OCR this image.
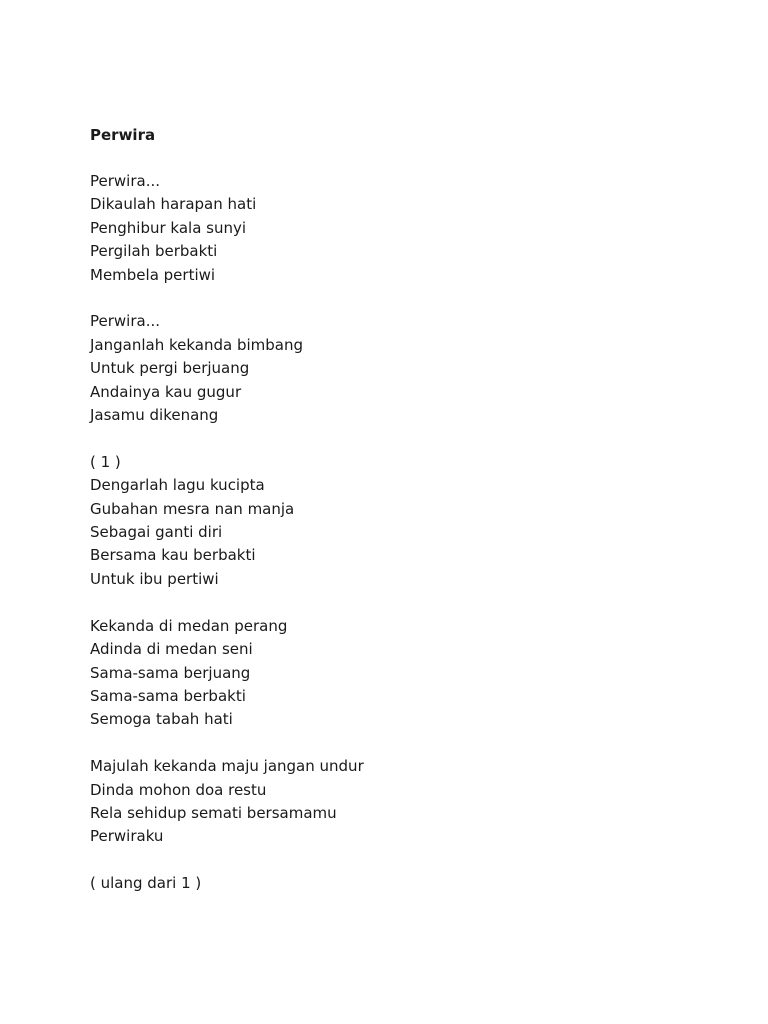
Perwira
Perwira...
Dikaulah harapan hati
Penghibur kala sunyi
Pergilah berbakti
Membela pertiwi
Perwira...
Janganlah kekanda bimbang
Untuk pergi berjuang
Andainya kau gugur
Jasamu dikenang
( 1 )
Dengarlah lagu kucipta
Gubahan mesra nan manja
Sebagai ganti diri
Bersama kau berbakti
Untuk ibu pertiwi
Kekanda di medan perang
Adinda di medan seni
Sama-sama berjuang
Sama-sama berbakti
Semoga tabah hati
Majulah kekanda maju jangan undur
Dinda mohon doa restu
Rela sehidup semati bersamamu
Perwiraku
( ulang dari 1 )
